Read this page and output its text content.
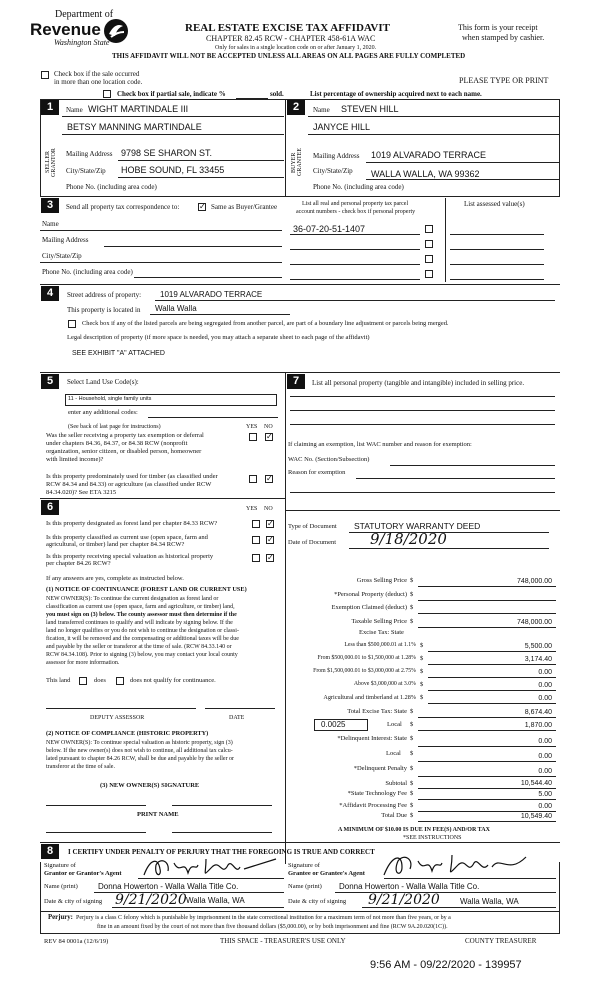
Department of
Revenue
Washington State
REAL ESTATE EXCISE TAX AFFIDAVIT
CHAPTER 82.45 RCW - CHAPTER 458-61A WAC
Only for sales in a single location code on or after January 1, 2020.
THIS AFFIDAVIT WILL NOT BE ACCEPTED UNLESS ALL AREAS ON ALL PAGES ARE FULLY COMPLETED
This form is your receipt
when stamped by cashier.
Check box if the sale occurred
in more than one location code.	PLEASE TYPE OR PRINT
Check box if partial sale, indicate %	sold.	List percentage of ownership acquired next to each name.
1
SELLER GRANTOR
Name WIGHT MARTINDALE III
BETSY MANNING MARTINDALE
Mailing Address 9798 SE SHARON ST.
City/State/Zip HOBE SOUND, FL 33455
Phone No. (including area code)
2
BUYER GRANTEE
Name STEVEN HILL
JANYCE HILL
Mailing Address 1019 ALVARADO TERRACE
City/State/Zip WALLA WALLA, WA 99362
Phone No. (including area code)
3	Send all property tax correspondence to: ✓ Same as Buyer/Grantee	List all real and personal property tax parcel
account numbers - check box if personal property
List assessed value(s)
Name
Mailing Address
City/State/Zip
Phone No. (including area code)
36-07-20-51-1407
4	Street address of property: 1019 ALVARADO TERRACE
This property is located in Walla Walla
Check box if any of the listed parcels are being segregated from another parcel, are part of a boundary line adjustment or parcels being merged.
Legal description of property (if more space is needed, you may attach a separate sheet to each page of the affidavit)
SEE EXHIBIT "A" ATTACHED
5	Select Land Use Code(s):
11 - Household, single family units
enter any additional codes:
(See back of last page for instructions)	YES NO
Was the seller receiving a property tax exemption or deferral
under chapters 84.36, 84.37, or 84.38 RCW (nonprofit
organization, senior citizen, or disabled person, homeowner
with limited income)?
✓
Is this property predominately used for timber (as classified under
RCW 84.34 and 84.33) or agriculture (as classified under RCW
84.34.020)? See ETA 3215
✓
7	List all personal property (tangible and intangible) included in selling price.
If claiming an exemption, list WAC number and reason for exemption:
WAC No. (Section/Subsection)
Reason for exemption
6	YES NO
Is this property designated as forest land per chapter 84.33 RCW?	✓
Is this property classified as current use (open space, farm and
agricultural, or timber) land per chapter 84.34 RCW?
✓
Is this property receiving special valuation as historical property
per chapter 84.26 RCW?
✓
If any answers are yes, complete as instructed below.
(1) NOTICE OF CONTINUANCE (FOREST LAND OR CURRENT USE)
NEW OWNER(S): To continue the current designation as forest land or
classification as current use (open space, farm and agriculture, or timber) land,
you must sign on (3) below. The county assessor must then determine if the
land transferred continues to qualify and will indicate by signing below. If the
land no longer qualifies or you do not wish to continue the designation or classi-
fication, it will be removed and the compensating or additional taxes will be due
and payable by the seller or transferor at the time of sale. (RCW 84.33.140 or
RCW 84.34.108). Prior to signing (3) below, you may contact your local county
assessor for more information.
This land	does	does not qualify for continuance.
DEPUTY ASSESSOR	DATE
(2) NOTICE OF COMPLIANCE (HISTORIC PROPERTY)
NEW OWNER(S): To continue special valuation as historic property, sign (3)
below. If the new owner(s) does not wish to continue, all additional tax calcu-
lated pursuant to chapter 84.26 RCW, shall be due and payable by the seller or
transferor at the time of sale.
(3) NEW OWNER(S) SIGNATURE
PRINT NAME
Type of Document STATUTORY WARRANTY DEED
Date of Document 9/18/2020
Gross Selling Price $	748,000.00
*Personal Property (deduct) $
Exemption Claimed (deduct) $
Taxable Selling Price $	748,000.00
Excise Tax: State
Less than $500,000.01 at 1.1% $	5,500.00
From $500,000.01 to $1,500,000 at 1.28% $	3,174.40
From $1,500,000.01 to $3,000,000 at 2.75% $	0.00
Above $3,000,000 at 3.0% $	0.00
Agricultural and timberland at 1.28% $	0.00
Total Excise Tax: State $	8,674.40
0.0025	Local $	1,870.00
*Delinquent Interest: State $	0.00
Local $	0.00
*Delinquent Penalty $	0.00
Subtotal $	10,544.40
*State Technology Fee $	5.00
*Affidavit Processing Fee $	0.00
Total Due $	10,549.40
A MINIMUM OF $10.00 IS DUE IN FEE(S) AND/OR TAX
*SEE INSTRUCTIONS
8	I CERTIFY UNDER PENALTY OF PERJURY THAT THE FOREGOING IS TRUE AND CORRECT
Signature of
Grantor or Grantor's Agent
Signature of
Grantee or Grantee's Agent
Name (print)	Donna Howerton - Walla Walla Title Co.	Name (print) Donna Howerton - Walla Walla Title Co.
Date & city of signing 9/21/2020 Walla Walla, WA	Date & city of signing 9/21/2020	Walla Walla, WA
Perjury: Perjury is a class C felony which is punishable by imprisonment in the state correctional institution for a maximum term of not more than five years, or by a
fine in an amount fixed by the court of not more than five thousand dollars ($5,000.00), or by both imprisonment and fine (RCW 9A.20.020(1C)).
REV 84 0001a (12/6/19)	THIS SPACE - TREASURER'S USE ONLY	COUNTY TREASURER
9:56 AM - 09/22/2020 - 139957
